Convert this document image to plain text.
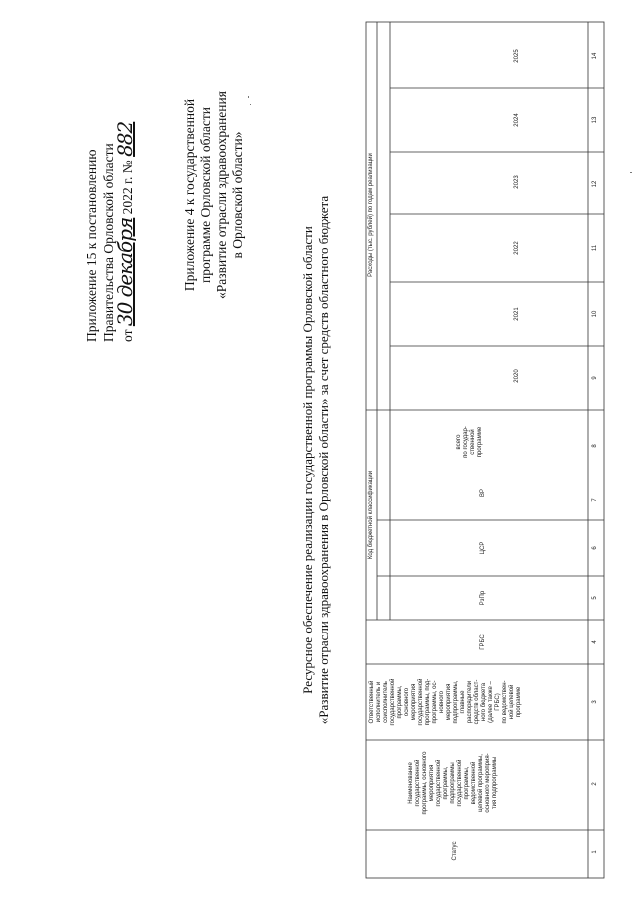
Приложение 15 к постановлению Правительства Орловской области от 30 декабря 2022 г. № 882	Приложение 4 к государственной программе Орловской области «Развитие отрасли здравоохранения в Орловской области»
Ресурсное обеспечение реализации государственной программы Орловской области «Развитие отрасли здравоохранения в Орловской области» за счет средств областного бюджета
Статус
Наименование
государственной
программы, основного
мероприятия
государственной
программы,
подпрограммы
государственной
программы,
ведомственной
целевой программы,
основного мероприя-
тия подпрограммы
Ответственный
исполнитель и
соисполнитель
государственной
программы,
основного
мероприятия
государственной
программы, под-
программы, ос-
новного
мероприятия
подпрограммы,
главные
распорядители
средств област-
ного бюджета
(далее также –
ГРБС)
по ведомствен-
ной целевой
программе
Код бюджетной классификации
ГРБС
РзПр
ЦСР
ВР
Расходы (тыс. рублей) по годам реализации
всего
по государ-
ственной
программе
2020
2021
2022
2023
2024
2025
1
2
3
4
5
6
7
8
9
10
11
12
13
14
